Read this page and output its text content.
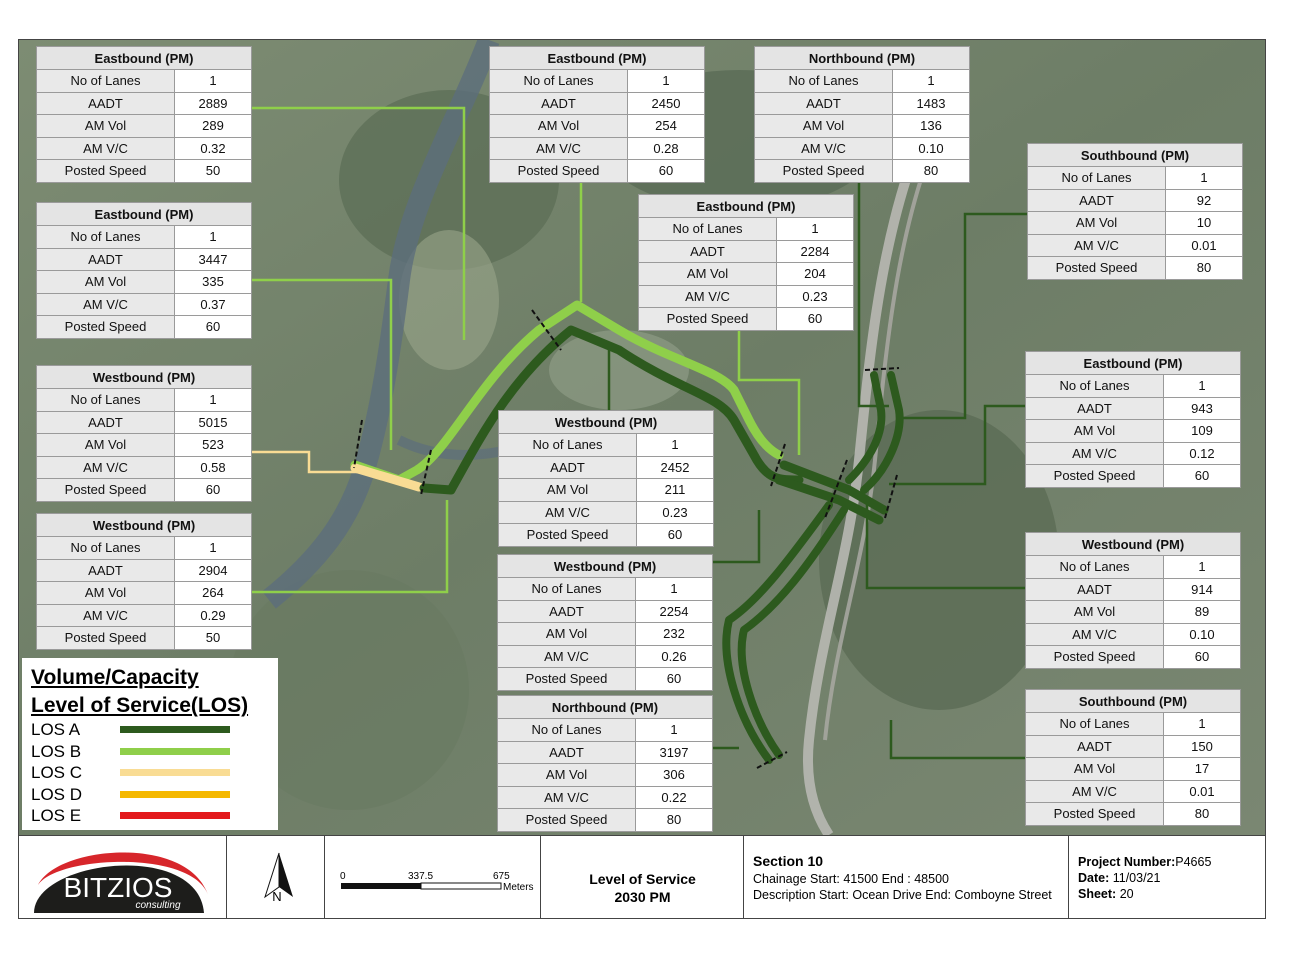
Eastbound (PM)	
No of Lanes	1
AADT	2889
AM Vol	289
AM V/C	0.32
Posted Speed	50
Eastbound (PM)	
No of Lanes	1
AADT	3447
AM Vol	335
AM V/C	0.37
Posted Speed	60
Westbound (PM)	
No of Lanes	1
AADT	5015
AM Vol	523
AM V/C	0.58
Posted Speed	60
Westbound (PM)	
No of Lanes	1
AADT	2904
AM Vol	264
AM V/C	0.29
Posted Speed	50
Eastbound (PM)	
No of Lanes	1
AADT	2450
AM Vol	254
AM V/C	0.28
Posted Speed	60
Northbound (PM)	
No of Lanes	1
AADT	1483
AM Vol	136
AM V/C	0.10
Posted Speed	80
Eastbound (PM)	
No of Lanes	1
AADT	2284
AM Vol	204
AM V/C	0.23
Posted Speed	60
Southbound (PM)	
No of Lanes	1
AADT	92
AM Vol	10
AM V/C	0.01
Posted Speed	80
Eastbound (PM)	
No of Lanes	1
AADT	943
AM Vol	109
AM V/C	0.12
Posted Speed	60
Westbound (PM)	
No of Lanes	1
AADT	2452
AM Vol	211
AM V/C	0.23
Posted Speed	60
Westbound (PM)	
No of Lanes	1
AADT	2254
AM Vol	232
AM V/C	0.26
Posted Speed	60
Northbound (PM)	
No of Lanes	1
AADT	3197
AM Vol	306
AM V/C	0.22
Posted Speed	80
Westbound (PM)	
No of Lanes	1
AADT	914
AM Vol	89
AM V/C	0.10
Posted Speed	60
Southbound (PM)	
No of Lanes	1
AADT	150
AM Vol	17
AM V/C	0.01
Posted Speed	80
Volume/Capacity
Level of Service(LOS)
LOS A
LOS B
LOS C
LOS D
LOS E
BITZIOS
consulting
N
0	337.5	675
Meters
Level of Service
2030 PM
Section 10
Chainage Start: 41500 End : 48500
Description Start: Ocean Drive End: Comboyne Street
Project Number:P4665
Date: 11/03/21
Sheet: 20
